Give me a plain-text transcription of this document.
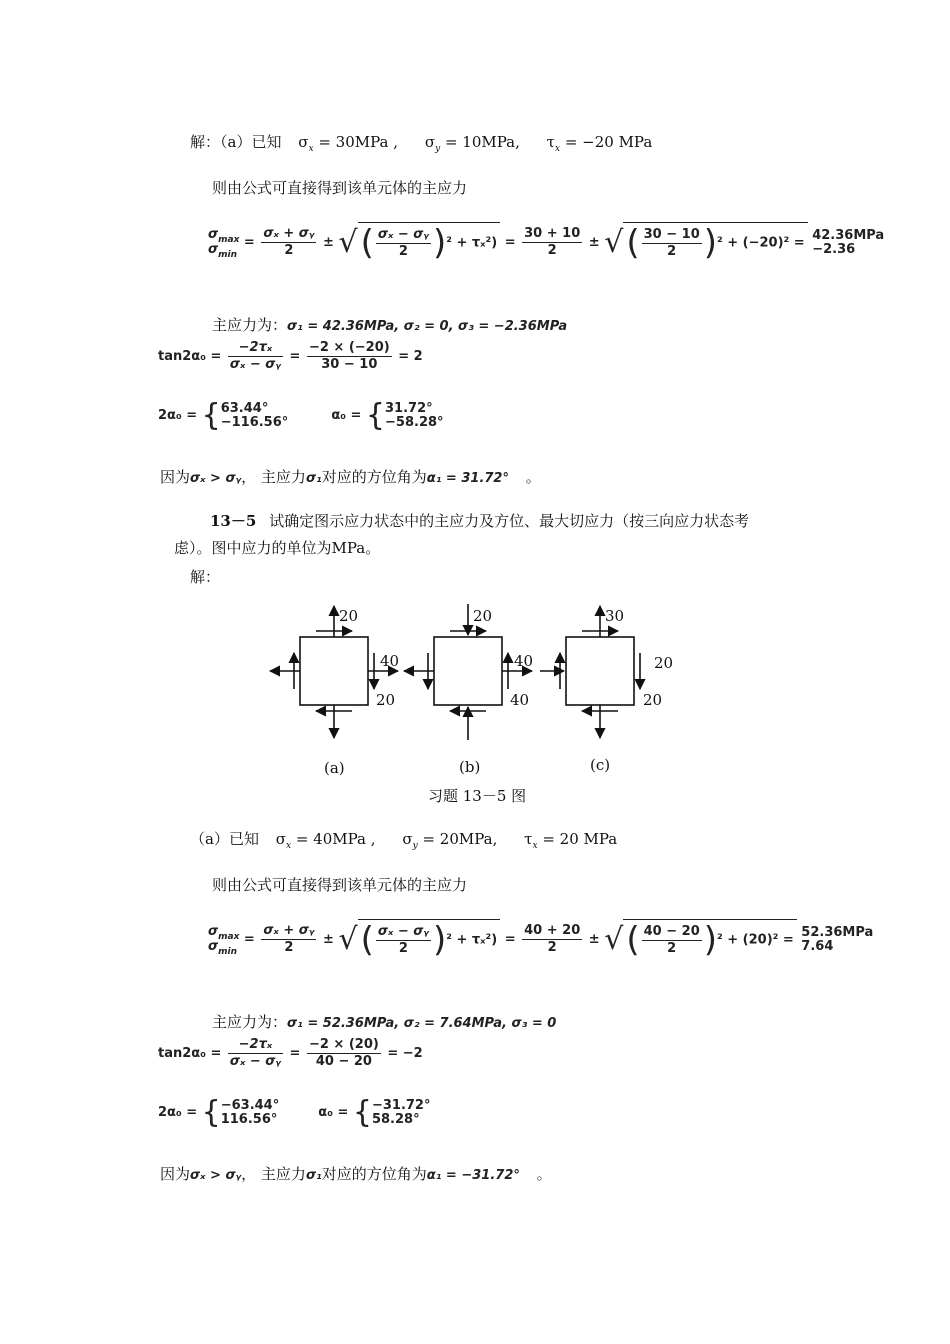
解：（a）已知 $\sigma_x = 30MPa$ , $\sigma_y = 10MPa$, $\tau_x = -20$ MPa
则由公式可直接得到该单元体的主应力
$\sigma_{max}$
$\sigma_{min} = \frac{\text{σₓ + σᵧ}}{2}$ ± √( $\frac{\text{σₓ − σᵧ}}{2} )^2 + \tau_x^2) = \frac{30 + 10}{2}$ ± √( $\frac{30 - 10}{2} )^2 + (-20)^2 = 42.36MPa$
−2.36
主应力为：σ₁ = 42.36MPa, σ₂ = 0, σ₃ = −2.36MPa
$\tan 2\alpha_0 = \frac{\text{−2τₓ}}{\text{σₓ − σᵧ}} = \frac{-2 \times (-20)}{30 - 10} = 2$
2α₀ = {63.44°
−116.56°	α₀ = {31.72°
−58.28°
因为σₓ > σᵧ， 主应力σ₁对应的方位角为α₁ = 31.72° 。
13－5 试确定图示应力状态中的主应力及方位、最大切应力（按三向应力状态考
虑）。图中应力的单位为MPa。
解：
20
40
20
(a)
20
40
40
(b)
30
20
20
(c)
习题 13－5 图
（a）已知 $\sigma_x = 40MPa$ , $\sigma_y = 20MPa$, $\tau_x = 20$ MPa
则由公式可直接得到该单元体的主应力
$\sigma_{max}$
$\sigma_{min} = \frac{\text{σₓ + σᵧ}}{2}$ ± √( $\frac{\text{σₓ − σᵧ}}{2} )^2 + \tau_x^2) = \frac{40 + 20}{2}$ ± √( $\frac{40 - 20}{2} )^2 + (20)^2 = 52.36MPa$
7.64
主应力为：σ₁ = 52.36MPa, σ₂ = 7.64MPa, σ₃ = 0
$\tan 2\alpha_0 = \frac{\text{−2τₓ}}{\text{σₓ − σᵧ}} = \frac{-2 \times (20)}{40 - 20} = -2$
2α₀ = {−63.44°
116.56°	α₀ = {−31.72°
58.28°
因为σₓ > σᵧ， 主应力σ₁对应的方位角为α₁ = −31.72° 。
